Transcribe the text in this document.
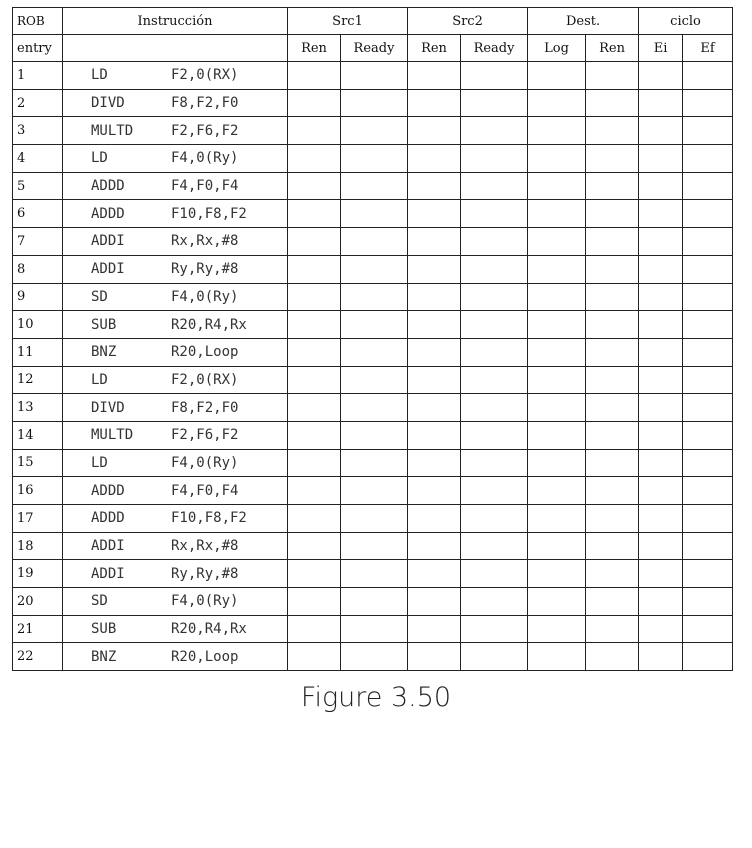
ROB	Instrucción	Src1		Src2		Dest.		ciclo	
entry		Ren	Ready	Ren	Ready	Log	Ren	Ei	Ef
1	LD F2,0(RX)								

2	DIVD F8,F2,F0								

3	MULTD F2,F6,F2								

4	LD F4,0(Ry)								

5	ADDD F4,F0,F4								

6	ADDD F10,F8,F2								

7	ADDI Rx,Rx,#8								

8	ADDI Ry,Ry,#8								

9	SD F4,0(Ry)								

10	SUB R20,R4,Rx								

11	BNZ R20,Loop								

12	LD F2,0(RX)								

13	DIVD F8,F2,F0								

14	MULTD F2,F6,F2								

15	LD F4,0(Ry)								

16	ADDD F4,F0,F4								

17	ADDD F10,F8,F2								

18	ADDI Rx,Rx,#8								

19	ADDI Ry,Ry,#8								

20	SD F4,0(Ry)								

21	SUB R20,R4,Rx								

22	BNZ R20,Loop								

Figure 3.50
